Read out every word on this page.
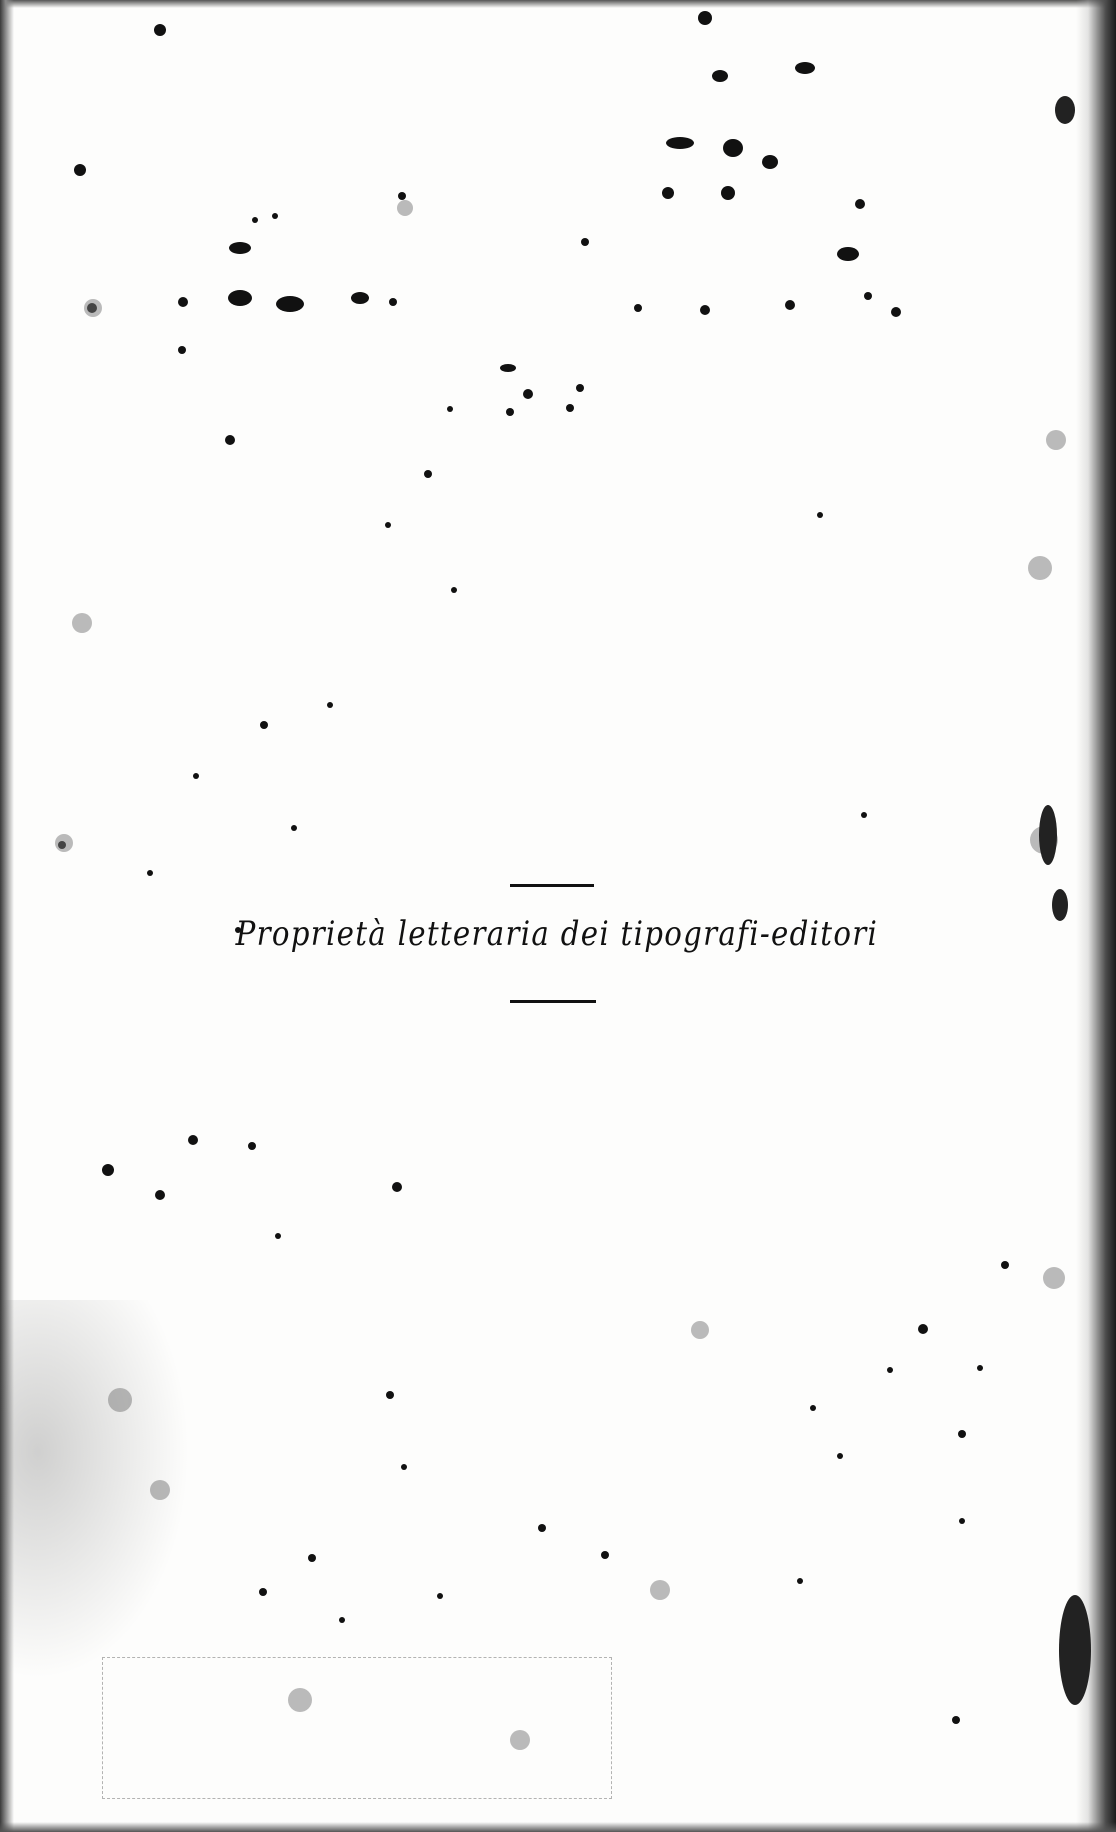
Proprietà letteraria dei tipografi-editori
